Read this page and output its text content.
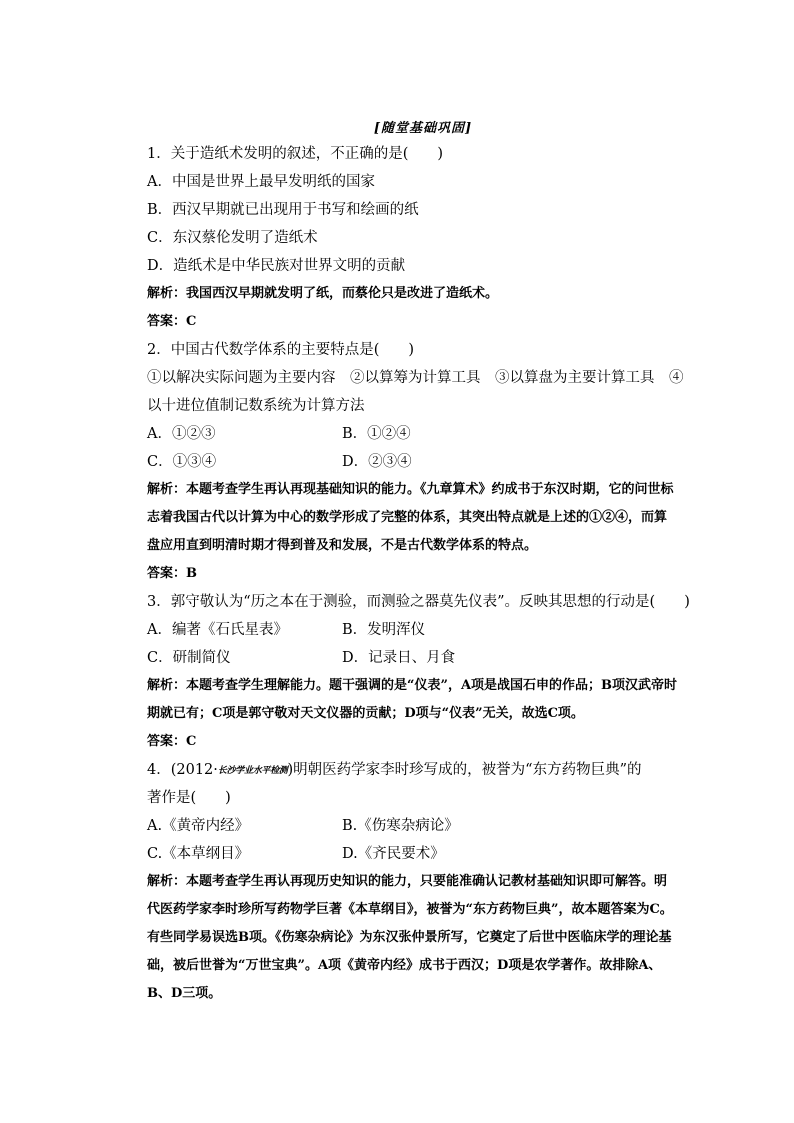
[随堂基础巩固]
1．关于造纸术发明的叙述，不正确的是(　　)
A．中国是世界上最早发明纸的国家
B．西汉早期就已出现用于书写和绘画的纸
C．东汉蔡伦发明了造纸术
D．造纸术是中华民族对世界文明的贡献
解析：我国西汉早期就发明了纸，而蔡伦只是改进了造纸术。
答案：C
2．中国古代数学体系的主要特点是(　　)
①以解决实际问题为主要内容　②以算筹为计算工具　③以算盘为主要计算工具　④
以十进位值制记数系统为计算方法
A．①②③	B．①②④
C．①③④	D．②③④
解析：本题考查学生再认再现基础知识的能力。《九章算术》约成书于东汉时期，它的问世标志着我国古代以计算为中心的数学形成了完整的体系，其突出特点就是上述的①②④，而算盘应用直到明清时期才得到普及和发展，不是古代数学体系的特点。
答案：B
3．郭守敬认为“历之本在于测验，而测验之器莫先仪表”。反映其思想的行动是(　　)
A．编著《石氏星表》	B．发明浑仪
C．研制简仪	D．记录日、月食
解析：本题考查学生理解能力。题干强调的是“仪表”，A项是战国石申的作品；B项汉武帝时期就已有；C项是郭守敬对天文仪器的贡献；D项与“仪表”无关，故选C项。
答案：C
4．(2012·长沙学业水平检测)明朝医药学家李时珍写成的，被誉为“东方药物巨典”的
著作是(　　)
A.《黄帝内经》	B.《伤寒杂病论》
C.《本草纲目》	D.《齐民要术》
解析：本题考查学生再认再现历史知识的能力，只要能准确认记教材基础知识即可解答。明代医药学家李时珍所写药物学巨著《本草纲目》，被誉为“东方药物巨典”，故本题答案为C。有些同学易误选B项。《伤寒杂病论》为东汉张仲景所写，它奠定了后世中医临床学的理论基础，被后世誉为“万世宝典”。A项《黄帝内经》成书于西汉；D项是农学著作。故排除A、B、D三项。
